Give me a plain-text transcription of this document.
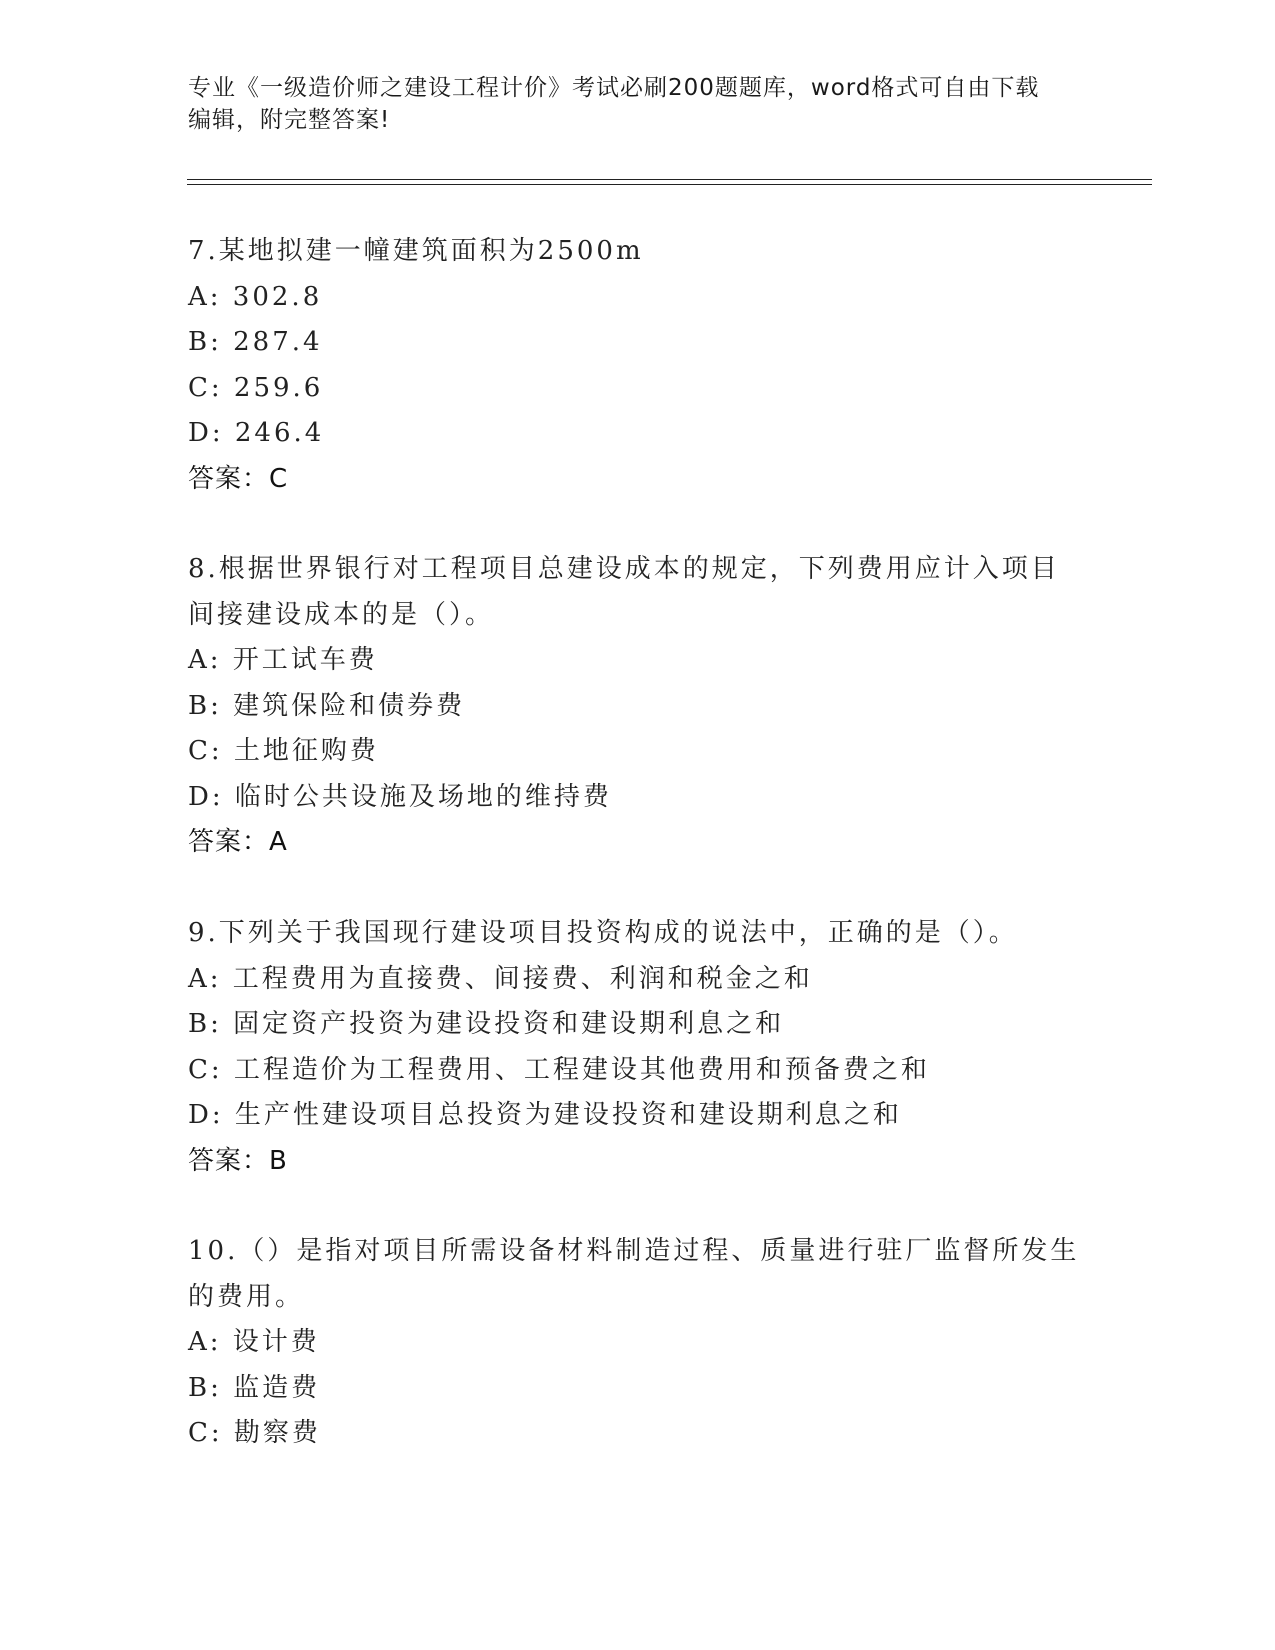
专业《一级造价师之建设工程计价》考试必刷200题题库，word格式可自由下载
编辑，附完整答案!
7.某地拟建一幢建筑面积为2500m
A: 302.8
B: 287.4
C: 259.6
D: 246.4
答案：C
8.根据世界银行对工程项目总建设成本的规定，下列费用应计入项目
间接建设成本的是（）。
A: 开工试车费
B: 建筑保险和债券费
C: 土地征购费
D: 临时公共设施及场地的维持费
答案：A
9.下列关于我国现行建设项目投资构成的说法中，正确的是（）。
A: 工程费用为直接费、间接费、利润和税金之和
B: 固定资产投资为建设投资和建设期利息之和
C: 工程造价为工程费用、工程建设其他费用和预备费之和
D: 生产性建设项目总投资为建设投资和建设期利息之和
答案：B
10.（）是指对项目所需设备材料制造过程、质量进行驻厂监督所发生
的费用。
A: 设计费
B: 监造费
C: 勘察费
